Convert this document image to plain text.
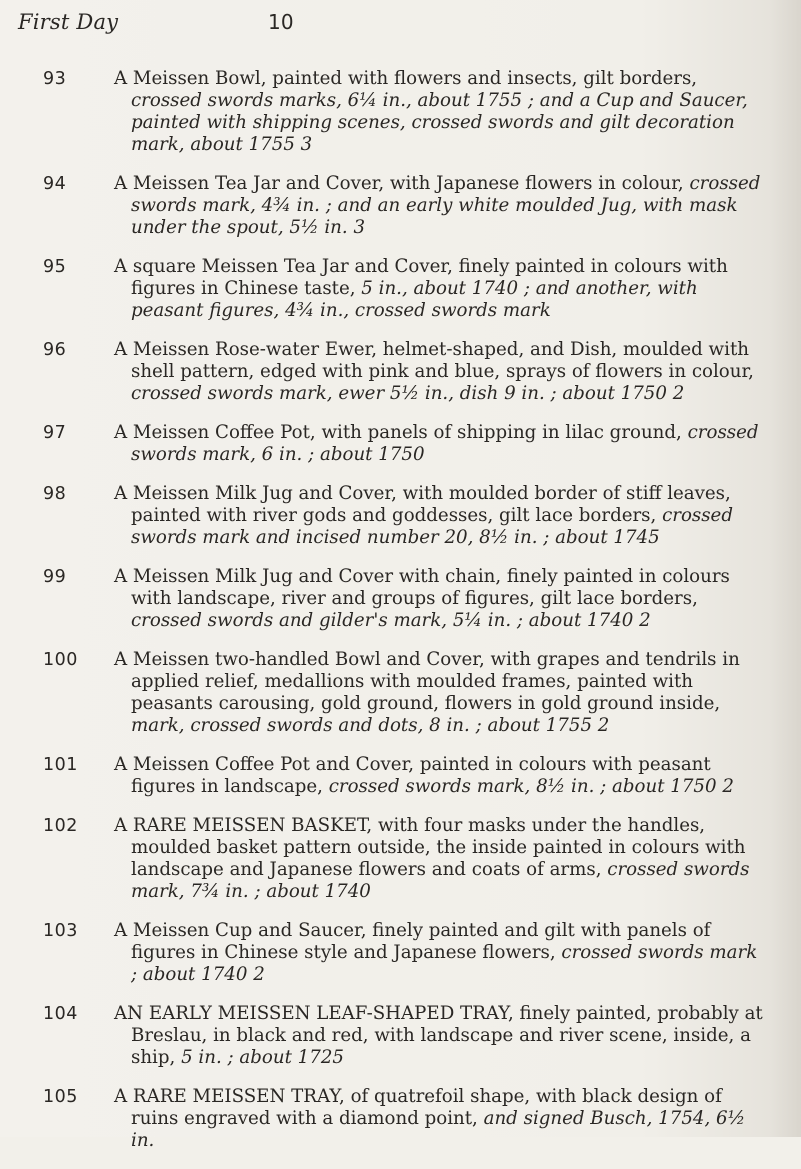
First Day	10
93	A Meissen Bowl, painted with flowers and insects, gilt borders, crossed swords marks, 6¼ in., about 1755 ; and a Cup and Saucer, painted with shipping scenes, crossed swords and gilt decoration mark, about 1755 3
94	A Meissen Tea Jar and Cover, with Japanese flowers in colour, crossed swords mark, 4¾ in. ; and an early white moulded Jug, with mask under the spout, 5½ in. 3
95	A square Meissen Tea Jar and Cover, finely painted in colours with figures in Chinese taste, 5 in., about 1740 ; and another, with peasant figures, 4¾ in., crossed swords mark
96	A Meissen Rose-water Ewer, helmet-shaped, and Dish, moulded with shell pattern, edged with pink and blue, sprays of flowers in colour, crossed swords mark, ewer 5½ in., dish 9 in. ; about 1750 2
97	A Meissen Coffee Pot, with panels of shipping in lilac ground, crossed swords mark, 6 in. ; about 1750
98	A Meissen Milk Jug and Cover, with moulded border of stiff leaves, painted with river gods and goddesses, gilt lace borders, crossed swords mark and incised number 20, 8½ in. ; about 1745
99	A Meissen Milk Jug and Cover with chain, finely painted in colours with landscape, river and groups of figures, gilt lace borders, crossed swords and gilder's mark, 5¼ in. ; about 1740 2
100	A Meissen two-handled Bowl and Cover, with grapes and tendrils in applied relief, medallions with moulded frames, painted with peasants carousing, gold ground, flowers in gold ground inside, mark, crossed swords and dots, 8 in. ; about 1755 2
101	A Meissen Coffee Pot and Cover, painted in colours with peasant figures in landscape, crossed swords mark, 8½ in. ; about 1750 2
102	A RARE MEISSEN BASKET, with four masks under the handles, moulded basket pattern outside, the inside painted in colours with landscape and Japanese flowers and coats of arms, crossed swords mark, 7¾ in. ; about 1740
103	A Meissen Cup and Saucer, finely painted and gilt with panels of figures in Chinese style and Japanese flowers, crossed swords mark ; about 1740 2
104	AN EARLY MEISSEN LEAF-SHAPED TRAY, finely painted, probably at Breslau, in black and red, with landscape and river scene, inside, a ship, 5 in. ; about 1725
105	A RARE MEISSEN TRAY, of quatrefoil shape, with black design of ruins engraved with a diamond point, and signed Busch, 1754, 6½ in.
